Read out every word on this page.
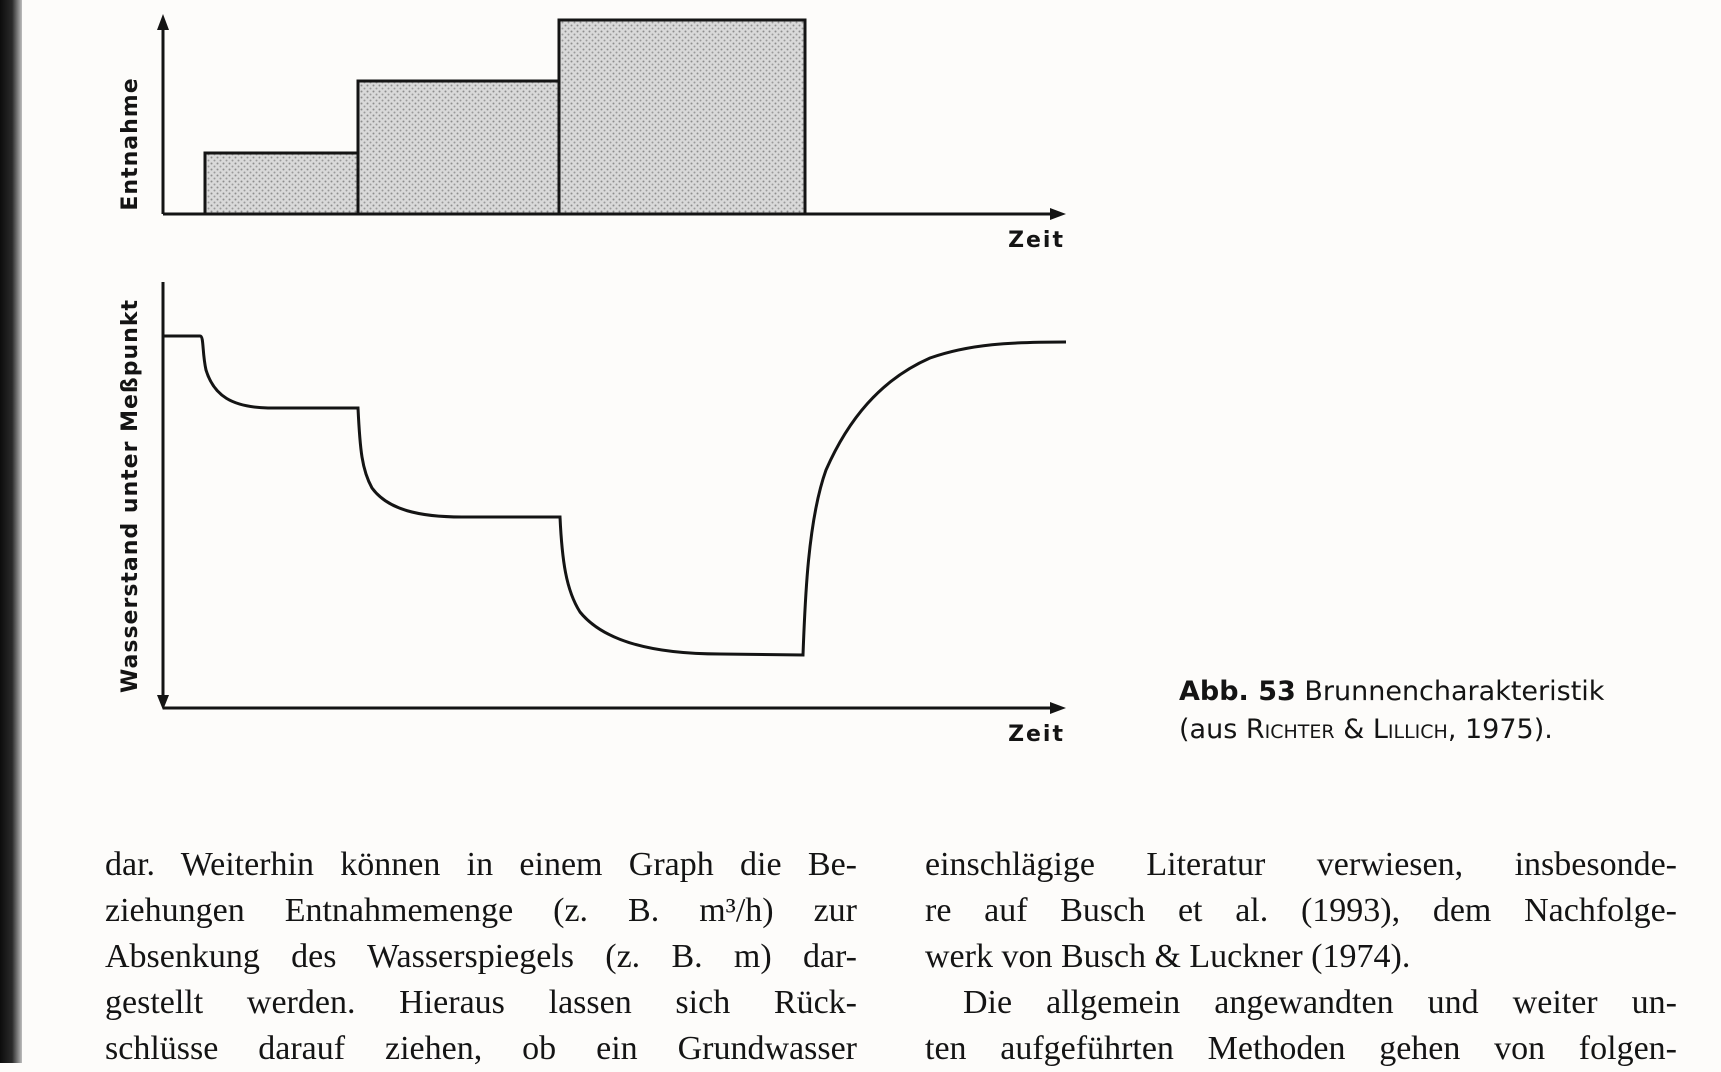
Entnahme
Zeit
Wasserstand unter Meßpunkt
Zeit
Abb. 53 Brunnencharakteristik
(aus Richter & Lillich, 1975).
dar. Weiterhin können in einem Graph die Be-
ziehungen Entnahmemenge (z. B. m³/h) zur
Absenkung des Wasserspiegels (z. B. m) dar-
gestellt werden. Hieraus lassen sich Rück-
schlüsse darauf ziehen, ob ein Grundwasser
einschlägige Literatur verwiesen, insbesonde-
re auf Busch et al. (1993), dem Nachfolge-
werk von Busch & Luckner (1974).
Die allgemein angewandten und weiter un-
ten aufgeführten Methoden gehen von folgen-
